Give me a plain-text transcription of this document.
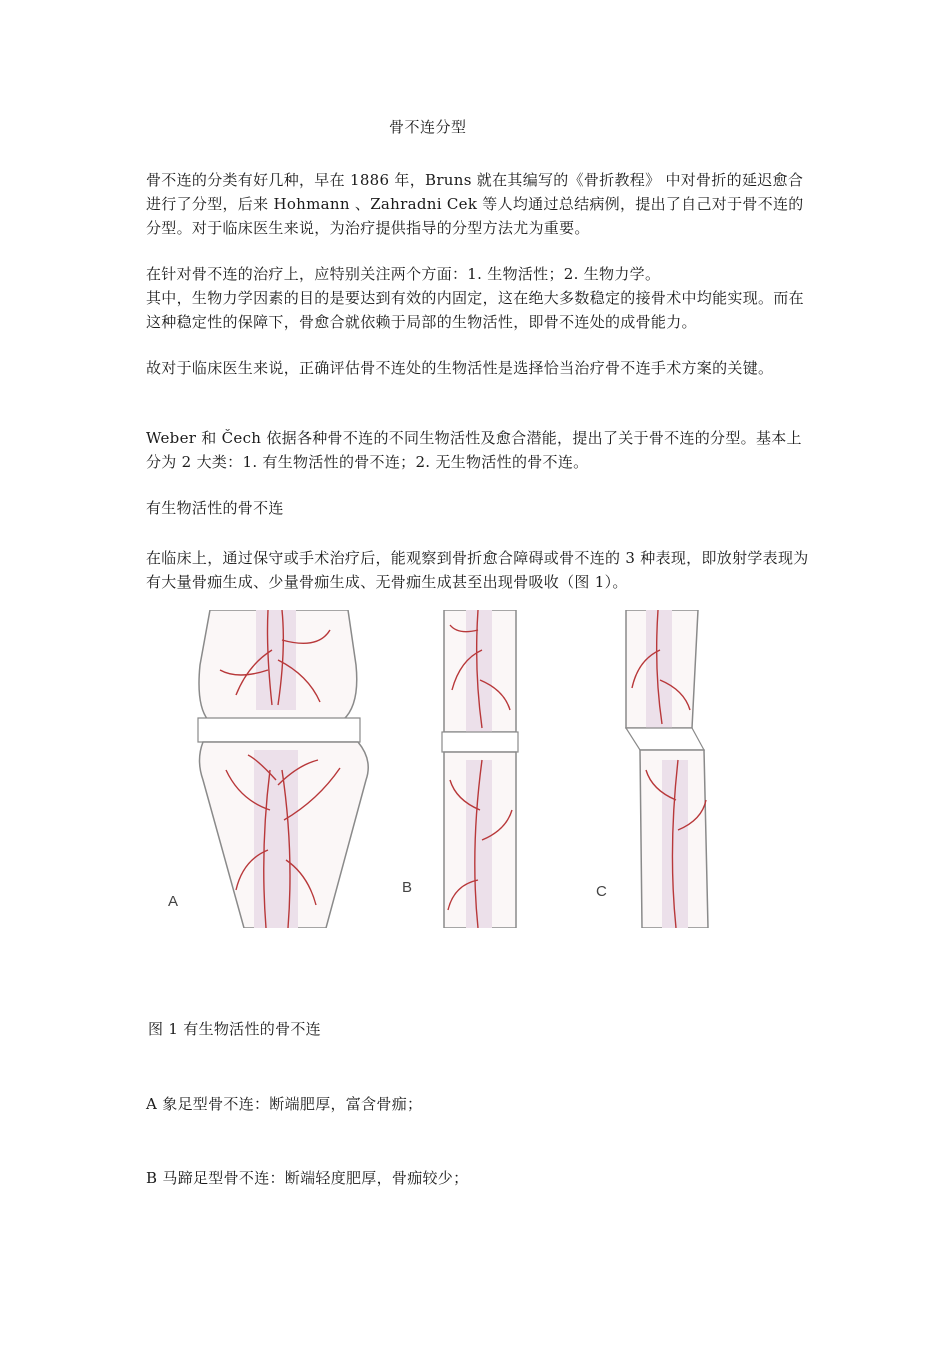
骨不连分型
骨不连的分类有好几种，早在 1886 年，Bruns 就在其编写的《骨折教程》 中对骨折的延迟愈合进行了分型，后来 Hohmann 、Zahradni Cek 等人均通过总结病例，提出了自己对于骨不连的分型。对于临床医生来说，为治疗提供指导的分型方法尤为重要。
在针对骨不连的治疗上，应特别关注两个方面：1. 生物活性；2. 生物力学。
其中，生物力学因素的目的是要达到有效的内固定，这在绝大多数稳定的接骨术中均能实现。而在这种稳定性的保障下，骨愈合就依赖于局部的生物活性，即骨不连处的成骨能力。
故对于临床医生来说，正确评估骨不连处的生物活性是选择恰当治疗骨不连手术方案的关键。
Weber 和 Čech 依据各种骨不连的不同生物活性及愈合潜能，提出了关于骨不连的分型。基本上分为 2 大类：1. 有生物活性的骨不连；2. 无生物活性的骨不连。
有生物活性的骨不连
在临床上，通过保守或手术治疗后，能观察到骨折愈合障碍或骨不连的 3 种表现，即放射学表现为有大量骨痂生成、少量骨痂生成、无骨痂生成甚至出现骨吸收（图 1）。
A
B	C
图 1 有生物活性的骨不连
A 象足型骨不连：断端肥厚，富含骨痂；
B 马蹄足型骨不连：断端轻度肥厚，骨痂较少；
